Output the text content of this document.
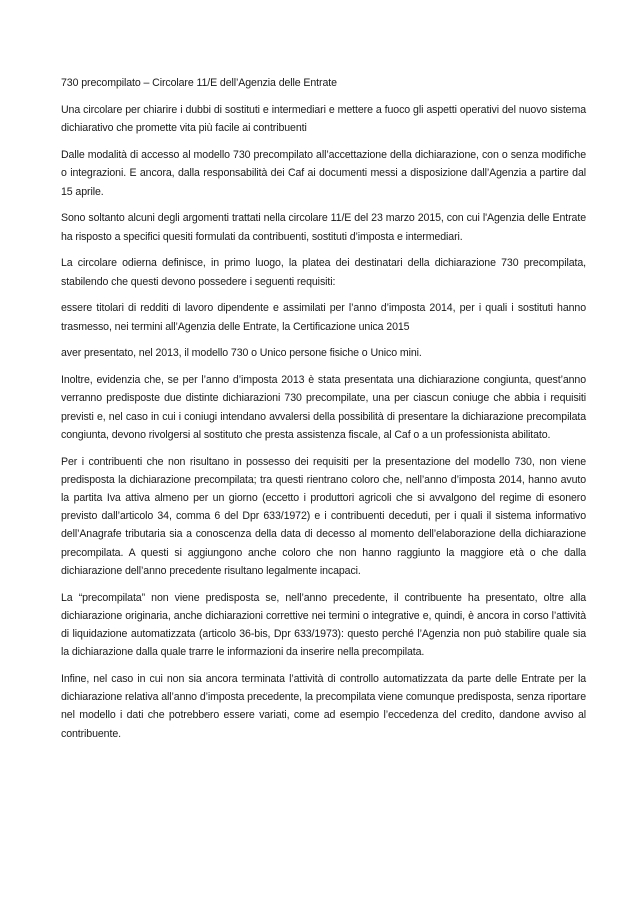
730 precompilato – Circolare 11/E dell’Agenzia delle Entrate

Una circolare per chiarire i dubbi di sostituti e intermediari e mettere a fuoco gli aspetti operativi del nuovo sistema dichiarativo che promette vita più facile ai contribuenti

Dalle modalità di accesso al modello 730 precompilato all’accettazione della dichiarazione, con o senza modifiche o integrazioni. E ancora, dalla responsabilità dei Caf ai documenti messi a disposizione dall’Agenzia a partire dal 15 aprile.

Sono soltanto alcuni degli argomenti trattati nella circolare 11/E del 23 marzo 2015, con cui l'Agenzia delle Entrate ha risposto a specifici quesiti formulati da contribuenti, sostituti d’imposta e intermediari.

La circolare odierna definisce, in primo luogo, la platea dei destinatari della dichiarazione 730 precompilata, stabilendo che questi devono possedere i seguenti requisiti:

essere titolari di redditi di lavoro dipendente e assimilati per l’anno d’imposta 2014, per i quali i sostituti hanno trasmesso, nei termini all’Agenzia delle Entrate, la Certificazione unica 2015

aver presentato, nel 2013, il modello 730 o Unico persone fisiche o Unico mini.

Inoltre, evidenzia che, se per l’anno d’imposta 2013 è stata presentata una dichiarazione congiunta, quest’anno verranno predisposte due distinte dichiarazioni 730 precompilate, una per ciascun coniuge che abbia i requisiti previsti e, nel caso in cui i coniugi intendano avvalersi della possibilità di presentare la dichiarazione precompilata congiunta, devono rivolgersi al sostituto che presta assistenza fiscale, al Caf o a un professionista abilitato.

Per i contribuenti che non risultano in possesso dei requisiti per la presentazione del modello 730, non viene predisposta la dichiarazione precompilata; tra questi rientrano coloro che, nell’anno d’imposta 2014, hanno avuto la partita Iva attiva almeno per un giorno (eccetto i produttori agricoli che si avvalgono del regime di esonero previsto dall’articolo 34, comma 6 del Dpr 633/1972) e i contribuenti deceduti, per i quali il sistema informativo dell’Anagrafe tributaria sia a conoscenza della data di decesso al momento dell’elaborazione della dichiarazione precompilata. A questi si aggiungono anche coloro che non hanno raggiunto la maggiore età o che dalla dichiarazione dell’anno precedente risultano legalmente incapaci.

La “precompilata” non viene predisposta se, nell’anno precedente, il contribuente ha presentato, oltre alla dichiarazione originaria, anche dichiarazioni correttive nei termini o integrative e, quindi, è ancora in corso l’attività di liquidazione automatizzata (articolo 36-bis, Dpr 633/1973): questo perché l’Agenzia non può stabilire quale sia la dichiarazione dalla quale trarre le informazioni da inserire nella precompilata.

Infine, nel caso in cui non sia ancora terminata l’attività di controllo automatizzata da parte delle Entrate per la dichiarazione relativa all’anno d’imposta precedente, la precompilata viene comunque predisposta, senza riportare nel modello i dati che potrebbero essere variati, come ad esempio l’eccedenza del credito, dandone avviso al contribuente.
